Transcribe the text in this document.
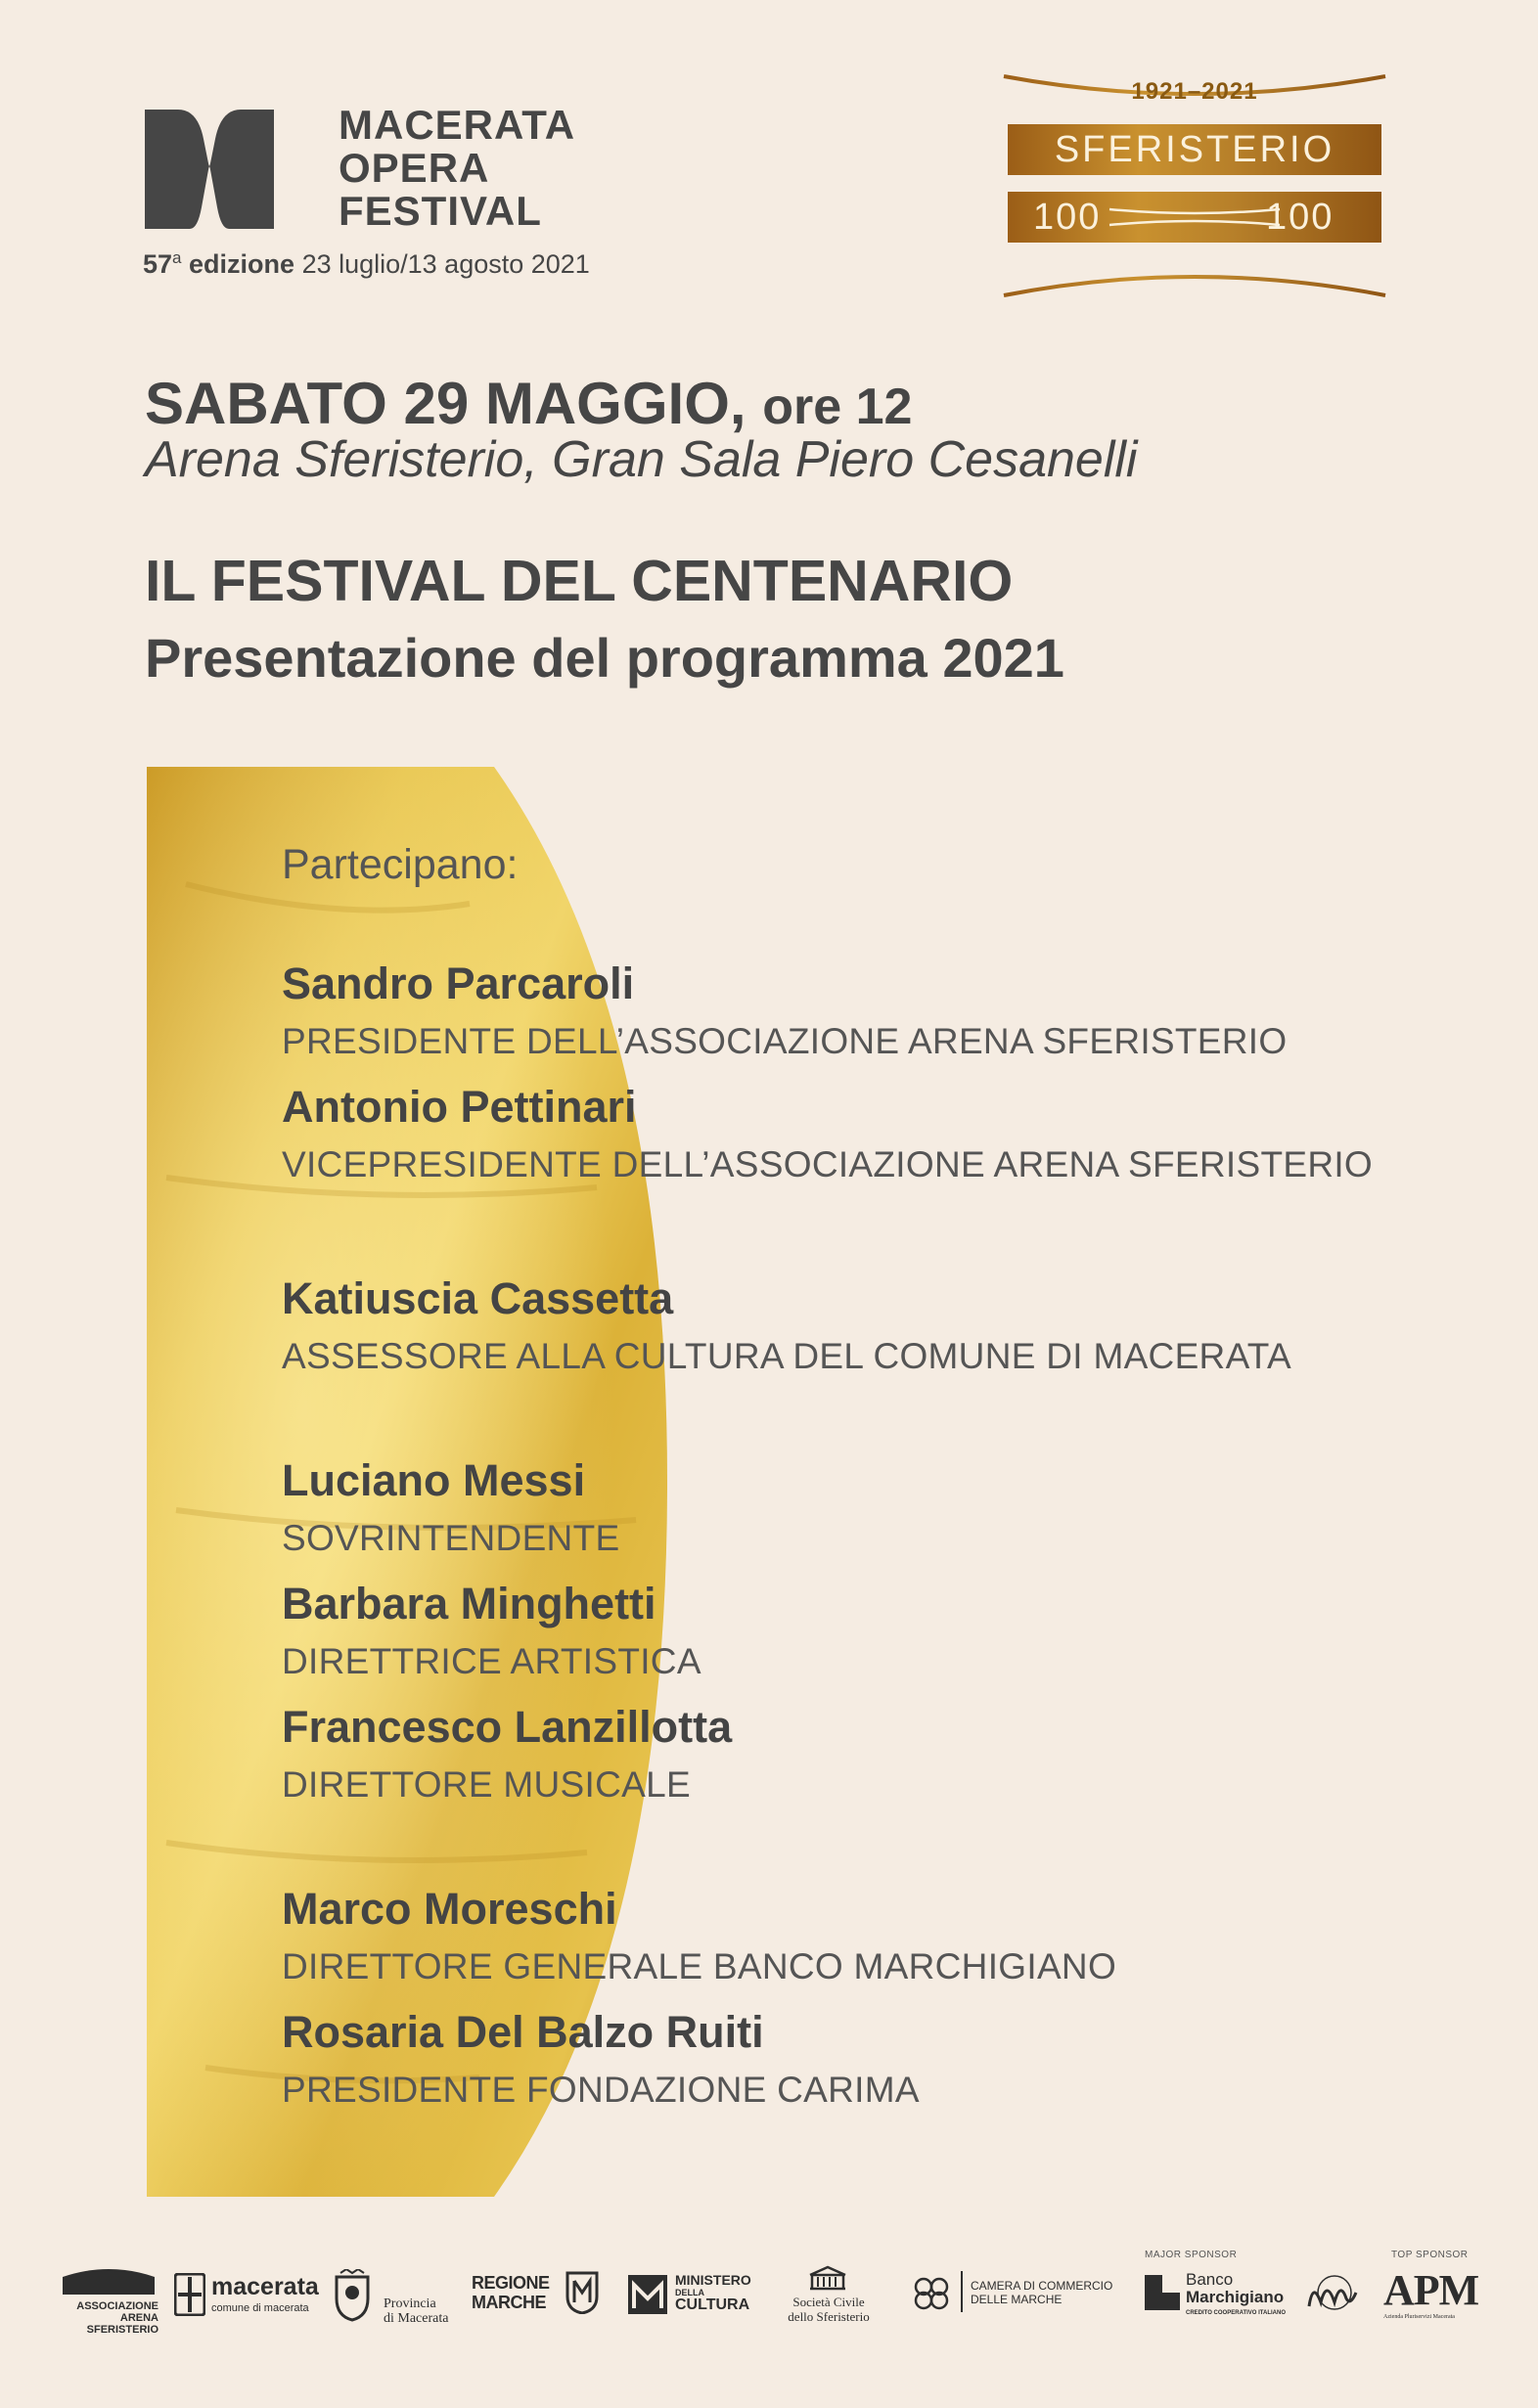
MACERATA
OPERA
FESTIVAL
57$^a$ edizione 23 luglio/13 agosto 2021
1921–2021
SFERISTERIO
100	100
SABATO 29 MAGGIO, ore 12
Arena Sferisterio, Gran Sala Piero Cesanelli
IL FESTIVAL DEL CENTENARIO
Presentazione del programma 2021
Partecipano:
Sandro Parcaroli
PRESIDENTE DELL’ASSOCIAZIONE ARENA SFERISTERIO
Antonio Pettinari
VICEPRESIDENTE DELL’ASSOCIAZIONE ARENA SFERISTERIO
Katiuscia Cassetta
ASSESSORE ALLA CULTURA DEL COMUNE DI MACERATA
Luciano Messi
SOVRINTENDENTE
Barbara Minghetti
DIRETTRICE ARTISTICA
Francesco Lanzillotta
DIRETTORE MUSICALE
Marco Moreschi
DIRETTORE GENERALE BANCO MARCHIGIANO
Rosaria Del Balzo Ruiti
PRESIDENTE FONDAZIONE CARIMA
ASSOCIAZIONE
ARENA SFERISTERIO
macerata
comune di macerata	Provincia
di Macerata
REGIONE
MARCHE
MINISTERO
DELLA
CULTURA	Società Civile
dello Sferisterio
CAMERA DI COMMERCIO
DELLE MARCHE
MAJOR SPONSOR
Banco
Marchigiano
CREDITO COOPERATIVO ITALIANO
TOP SPONSOR
APM
Azienda Pluriservizi Macerata
